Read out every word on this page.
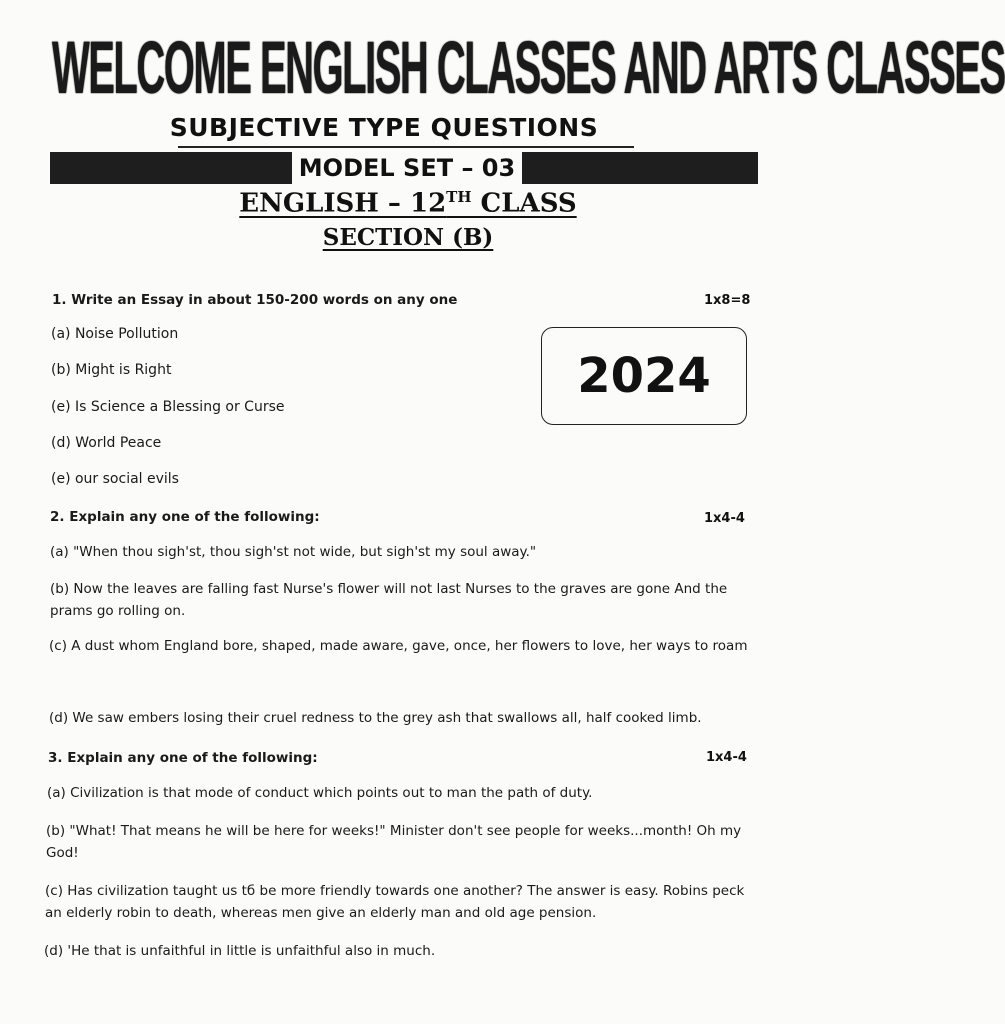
WELCOME ENGLISH CLASSES AND ARTS CLASSES
SUBJECTIVE TYPE QUESTIONS
MODEL SET – 03
ENGLISH – 12TH CLASS
SECTION (B)
2024
1. Write an Essay in about 150-200 words on any one	1x8=8
(a) Noise Pollution
(b) Might is Right
(e) Is Science a Blessing or Curse
(d) World Peace
(e) our social evils
2. Explain any one of the following:	1x4-4
(a) "When thou sigh'st, thou sigh'st not wide, but sigh'st my soul away."
(b) Now the leaves are falling fast Nurse's flower will not last Nurses to the graves are gone And the prams go rolling on.
(c) A dust whom England bore, shaped, made aware, gave, once, her flowers to love, her ways to roam
(d) We saw embers losing their cruel redness to the grey ash that swallows all, half cooked limb.
3. Explain any one of the following:	1x4-4
(a) Civilization is that mode of conduct which points out to man the path of duty.
(b) "What! That means he will be here for weeks!" Minister don't see people for weeks...month! Oh my God!
(c) Has civilization taught us tб be more friendly towards one another? The answer is easy. Robins peck an elderly robin to death, whereas men give an elderly man and old age pension.
(d) 'He that is unfaithful in little is unfaithful also in much.
